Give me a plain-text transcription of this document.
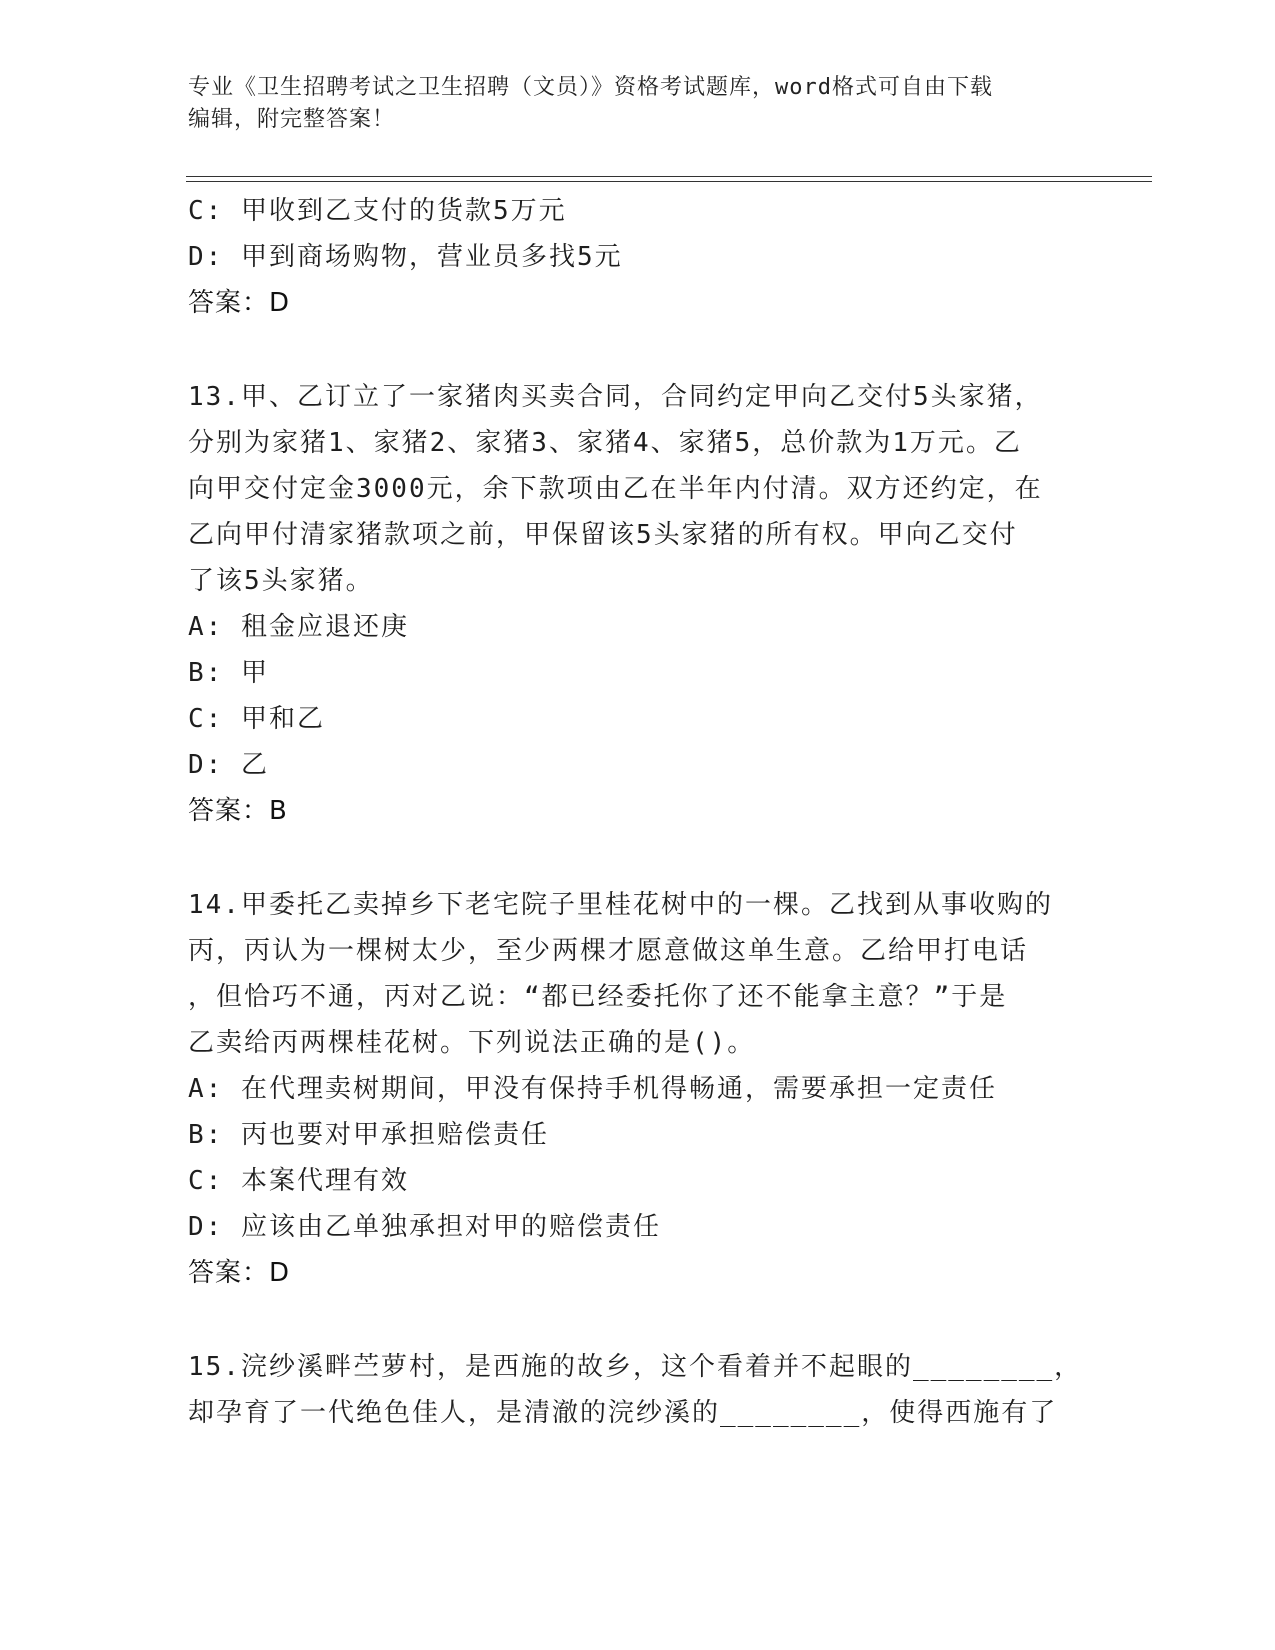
专业《卫生招聘考试之卫生招聘（文员）》资格考试题库，word格式可自由下载
编辑，附完整答案！
C: 甲收到乙支付的货款5万元
D: 甲到商场购物，营业员多找5元
答案：D
13.甲、乙订立了一家猪肉买卖合同，合同约定甲向乙交付5头家猪，
分别为家猪1、家猪2、家猪3、家猪4、家猪5，总价款为1万元。乙
向甲交付定金3000元，余下款项由乙在半年内付清。双方还约定，在
乙向甲付清家猪款项之前，甲保留该5头家猪的所有权。甲向乙交付
了该5头家猪。
A: 租金应退还庚
B: 甲
C: 甲和乙
D: 乙
答案：B
14.甲委托乙卖掉乡下老宅院子里桂花树中的一棵。乙找到从事收购的
丙，丙认为一棵树太少，至少两棵才愿意做这单生意。乙给甲打电话
，但恰巧不通，丙对乙说：“都已经委托你了还不能拿主意？”于是
乙卖给丙两棵桂花树。下列说法正确的是()。
A: 在代理卖树期间，甲没有保持手机得畅通，需要承担一定责任
B: 丙也要对甲承担赔偿责任
C: 本案代理有效
D: 应该由乙单独承担对甲的赔偿责任
答案：D
15.浣纱溪畔苎萝村，是西施的故乡，这个看着并不起眼的________，
却孕育了一代绝色佳人，是清澈的浣纱溪的________，使得西施有了
